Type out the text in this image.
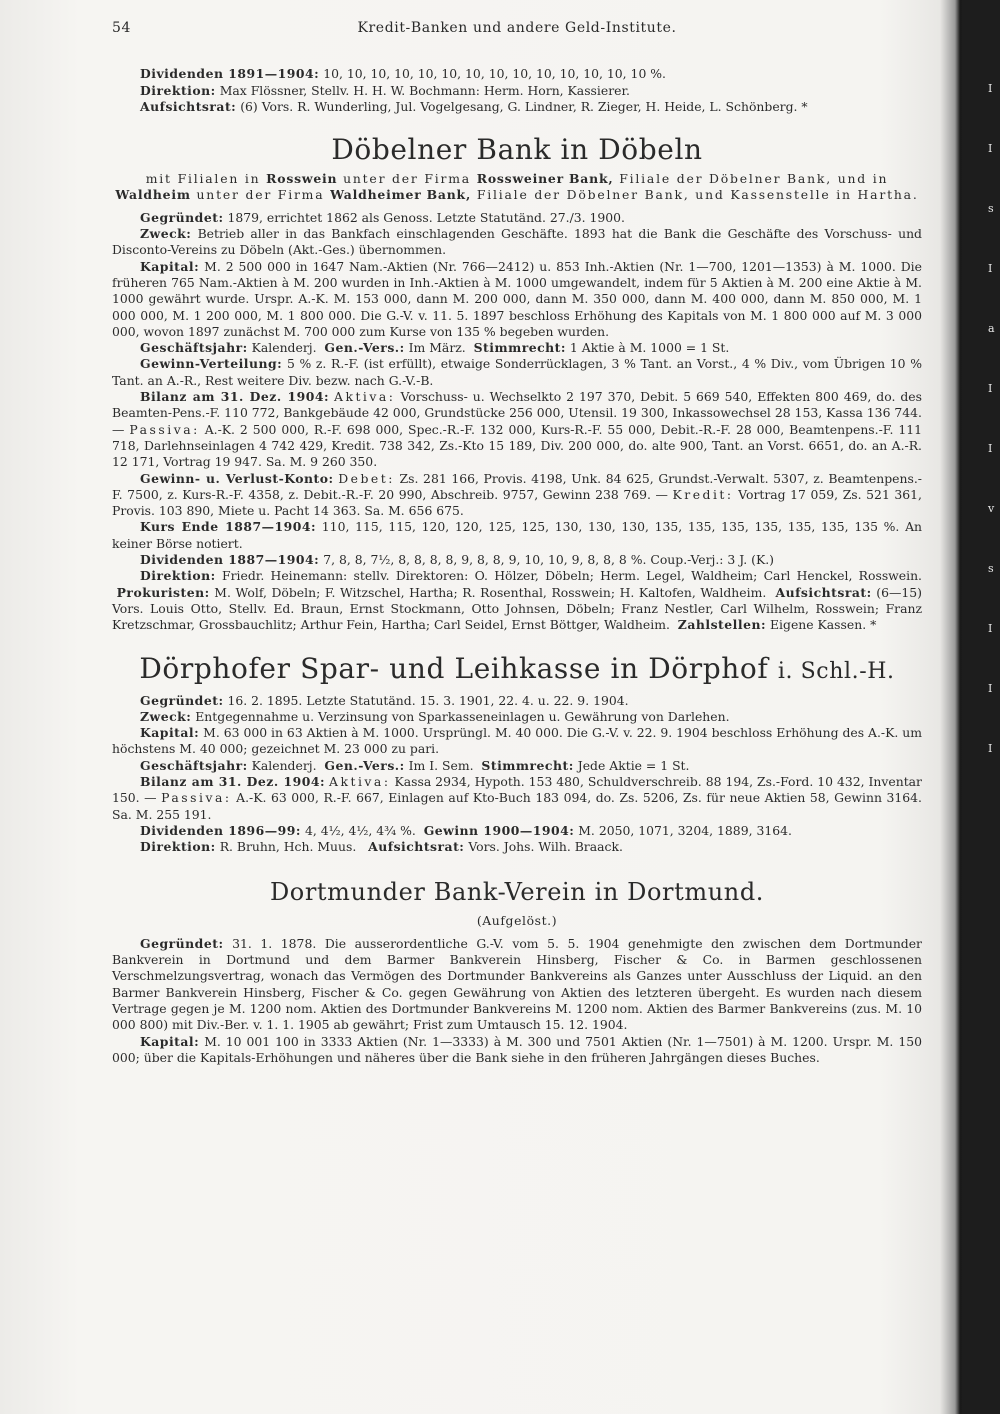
I
I
s
I
a
I
I
v
s
I
I
I
54	Kredit-Banken und andere Geld-Institute.

Dividenden 1891—1904: 10, 10, 10, 10, 10, 10, 10, 10, 10, 10, 10, 10, 10, 10 %.

Direktion: Max Flössner, Stellv. H. H. W. Bochmann: Herm. Horn, Kassierer.

Aufsichtsrat: (6) Vors. R. Wunderling, Jul. Vogelgesang, G. Lindner, R. Zieger, H. Heide, L. Schönberg. *

Döbelner Bank in Döbeln

mit Filialen in Rosswein unter der Firma Rossweiner Bank, Filiale der Döbelner Bank, und in Waldheim unter der Firma Waldheimer Bank, Filiale der Döbelner Bank, und Kassenstelle in Hartha.

Gegründet: 1879, errichtet 1862 als Genoss. Letzte Statutänd. 27./3. 1900.

Zweck: Betrieb aller in das Bankfach einschlagenden Geschäfte. 1893 hat die Bank die Geschäfte des Vorschuss- und Disconto-Vereins zu Döbeln (Akt.-Ges.) übernommen.

Kapital: M. 2 500 000 in 1647 Nam.-Aktien (Nr. 766—2412) u. 853 Inh.-Aktien (Nr. 1—700, 1201—1353) à M. 1000. Die früheren 765 Nam.-Aktien à M. 200 wurden in Inh.-Aktien à M. 1000 umgewandelt, indem für 5 Aktien à M. 200 eine Aktie à M. 1000 gewährt wurde. Urspr. A.-K. M. 153 000, dann M. 200 000, dann M. 350 000, dann M. 400 000, dann M. 850 000, M. 1 000 000, M. 1 200 000, M. 1 800 000. Die G.-V. v. 11. 5. 1897 beschloss Erhöhung des Kapitals von M. 1 800 000 auf M. 3 000 000, wovon 1897 zunächst M. 700 000 zum Kurse von 135 % begeben wurden.

Geschäftsjahr: Kalenderj. Gen.-Vers.: Im März. Stimmrecht: 1 Aktie à M. 1000 = 1 St.

Gewinn-Verteilung: 5 % z. R.-F. (ist erfüllt), etwaige Sonderrücklagen, 3 % Tant. an Vorst., 4 % Div., vom Übrigen 10 % Tant. an A.-R., Rest weitere Div. bezw. nach G.-V.-B.

Bilanz am 31. Dez. 1904: Aktiva: Vorschuss- u. Wechselkto 2 197 370, Debit. 5 669 540, Effekten 800 469, do. des Beamten-Pens.-F. 110 772, Bankgebäude 42 000, Grundstücke 256 000, Utensil. 19 300, Inkassowechsel 28 153, Kassa 136 744. — Passiva: A.-K. 2 500 000, R.-F. 698 000, Spec.-R.-F. 132 000, Kurs-R.-F. 55 000, Debit.-R.-F. 28 000, Beamtenpens.-F. 111 718, Darlehnseinlagen 4 742 429, Kredit. 738 342, Zs.-Kto 15 189, Div. 200 000, do. alte 900, Tant. an Vorst. 6651, do. an A.-R. 12 171, Vortrag 19 947. Sa. M. 9 260 350.

Gewinn- u. Verlust-Konto: Debet: Zs. 281 166, Provis. 4198, Unk. 84 625, Grundst.-Verwalt. 5307, z. Beamtenpens.-F. 7500, z. Kurs-R.-F. 4358, z. Debit.-R.-F. 20 990, Abschreib. 9757, Gewinn 238 769. — Kredit: Vortrag 17 059, Zs. 521 361, Provis. 103 890, Miete u. Pacht 14 363. Sa. M. 656 675.

Kurs Ende 1887—1904: 110, 115, 115, 120, 120, 125, 125, 130, 130, 130, 135, 135, 135, 135, 135, 135, 135 %. An keiner Börse notiert.

Dividenden 1887—1904: 7, 8, 8, 7½, 8, 8, 8, 8, 9, 8, 8, 9, 10, 10, 9, 8, 8, 8 %. Coup.-Verj.: 3 J. (K.)

Direktion: Friedr. Heinemann: stellv. Direktoren: O. Hölzer, Döbeln; Herm. Legel, Waldheim; Carl Henckel, Rosswein.  Prokuristen: M. Wolf, Döbeln; F. Witzschel, Hartha; R. Rosenthal, Rosswein; H. Kaltofen, Waldheim. Aufsichtsrat: (6—15) Vors. Louis Otto, Stellv. Ed. Braun, Ernst Stockmann, Otto Johnsen, Döbeln; Franz Nestler, Carl Wilhelm, Rosswein; Franz Kretzschmar, Grossbauchlitz; Arthur Fein, Hartha; Carl Seidel, Ernst Böttger, Waldheim. Zahlstellen: Eigene Kassen. *

Dörphofer Spar- und Leihkasse in Dörphof i. Schl.-H.

Gegründet: 16. 2. 1895. Letzte Statutänd. 15. 3. 1901, 22. 4. u. 22. 9. 1904.

Zweck: Entgegennahme u. Verzinsung von Sparkasseneinlagen u. Gewährung von Darlehen.

Kapital: M. 63 000 in 63 Aktien à M. 1000. Ursprüngl. M. 40 000. Die G.-V. v. 22. 9. 1904 beschloss Erhöhung des A.-K. um höchstens M. 40 000; gezeichnet M. 23 000 zu pari.

Geschäftsjahr: Kalenderj. Gen.-Vers.: Im I. Sem. Stimmrecht: Jede Aktie = 1 St.

Bilanz am 31. Dez. 1904: Aktiva: Kassa 2934, Hypoth. 153 480, Schuldverschreib. 88 194, Zs.-Ford. 10 432, Inventar 150. — Passiva: A.-K. 63 000, R.-F. 667, Einlagen auf Kto-Buch 183 094, do. Zs. 5206, Zs. für neue Aktien 58, Gewinn 3164. Sa. M. 255 191.

Dividenden 1896—99: 4, 4½, 4½, 4¾ %. Gewinn 1900—1904: M. 2050, 1071, 3204, 1889, 3164.

Direktion: R. Bruhn, Hch. Muus. Aufsichtsrat: Vors. Johs. Wilh. Braack.

Dortmunder Bank-Verein in Dortmund.

(Aufgelöst.)

Gegründet: 31. 1. 1878. Die ausserordentliche G.-V. vom 5. 5. 1904 genehmigte den zwischen dem Dortmunder Bankverein in Dortmund und dem Barmer Bankverein Hinsberg, Fischer & Co. in Barmen geschlossenen Verschmelzungsvertrag, wonach das Vermögen des Dortmunder Bankvereins als Ganzes unter Ausschluss der Liquid. an den Barmer Bankverein Hinsberg, Fischer & Co. gegen Gewährung von Aktien des letzteren übergeht. Es wurden nach diesem Vertrage gegen je M. 1200 nom. Aktien des Dortmunder Bankvereins M. 1200 nom. Aktien des Barmer Bankvereins (zus. M. 10 000 800) mit Div.-Ber. v. 1. 1. 1905 ab gewährt; Frist zum Umtausch 15. 12. 1904.

Kapital: M. 10 001 100 in 3333 Aktien (Nr. 1—3333) à M. 300 und 7501 Aktien (Nr. 1—7501) à M. 1200. Urspr. M. 150 000; über die Kapitals-Erhöhungen und näheres über die Bank siehe in den früheren Jahrgängen dieses Buches.
